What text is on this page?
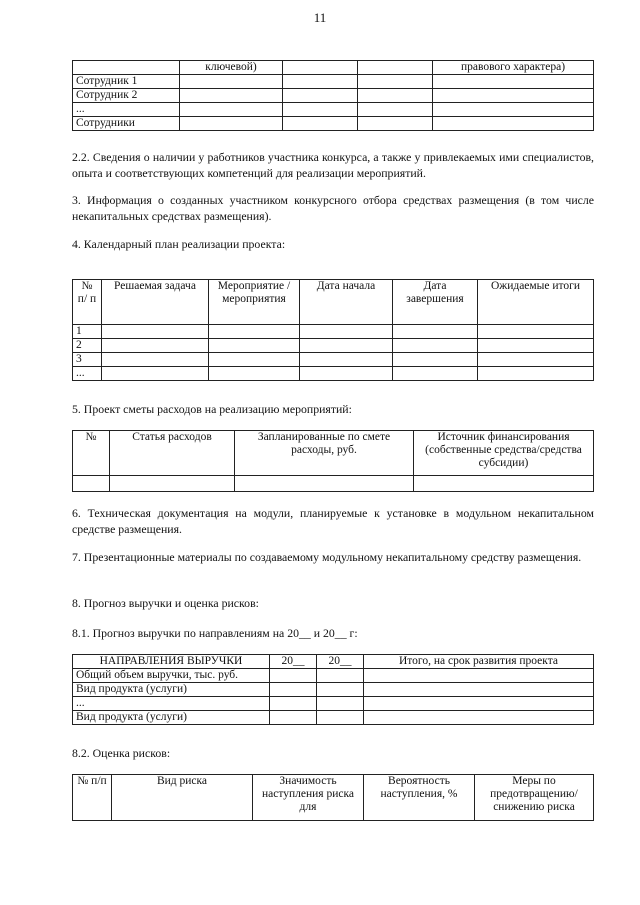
11
	ключевой)			правового характера)
Сотрудник 1				
Сотрудник 2				
...				
Сотрудники				
2.2. Сведения о наличии у работников участника конкурса, а также у привлекаемых ими специалистов, опыта и соответствующих компетенций для реализации мероприятий.
3. Информация о созданных участником конкурсного отбора средствах размещения (в том числе некапитальных средствах размещения).
4. Календарный план реализации проекта:
№ п/ п	Решаемая задача	Мероприятие /мероприятия	Дата начала	Дата завершения	Ожидаемые итоги
1					
2					
3					
...					
5. Проект сметы расходов на реализацию мероприятий:
№	Статья расходов	Запланированные по смете расходы, руб.	Источник финансирования (собственные средства/средства субсидии)

6. Техническая документация на модули, планируемые к установке в модульном некапитальном средстве размещения.
7. Презентационные материалы по создаваемому модульному некапитальному средству размещения.
8. Прогноз выручки и оценка рисков:
8.1. Прогноз выручки по направлениям на 20__ и 20__ г:
НАПРАВЛЕНИЯ ВЫРУЧКИ	20__	20__	Итого, на срок развития проекта
Общий объем выручки, тыс. руб.			
Вид продукта (услуги)			
...			
Вид продукта (услуги)			
8.2. Оценка рисков:
№ п/п	Вид риска	Значимость наступления риска для	Вероятность наступления, %	Меры по предотвращению/ снижению риска
